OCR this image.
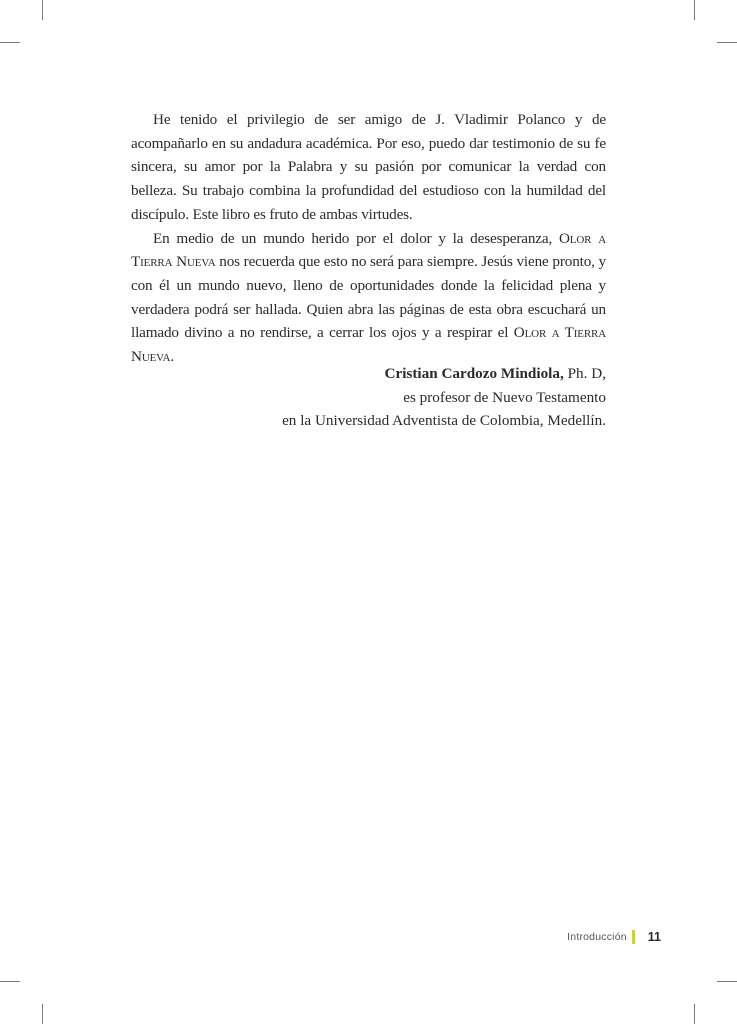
He tenido el privilegio de ser amigo de J. Vladimir Polanco y de acompañarlo en su andadura académica. Por eso, puedo dar testimonio de su fe sincera, su amor por la Palabra y su pasión por comunicar la verdad con belleza. Su trabajo combina la profundidad del estudioso con la humildad del discípulo. Este libro es fruto de ambas virtudes.

En medio de un mundo herido por el dolor y la desesperanza, Olor a Tierra Nueva nos recuerda que esto no será para siempre. Jesús viene pronto, y con él un mundo nuevo, lleno de oportunidades donde la felicidad plena y verdadera podrá ser hallada. Quien abra las páginas de esta obra escuchará un llamado divino a no rendirse, a cerrar los ojos y a respirar el Olor a Tierra Nueva.

Cristian Cardozo Mindiola, Ph. D,
es profesor de Nuevo Testamento
en la Universidad Adventista de Colombia, Medellín.
Introducción 11
